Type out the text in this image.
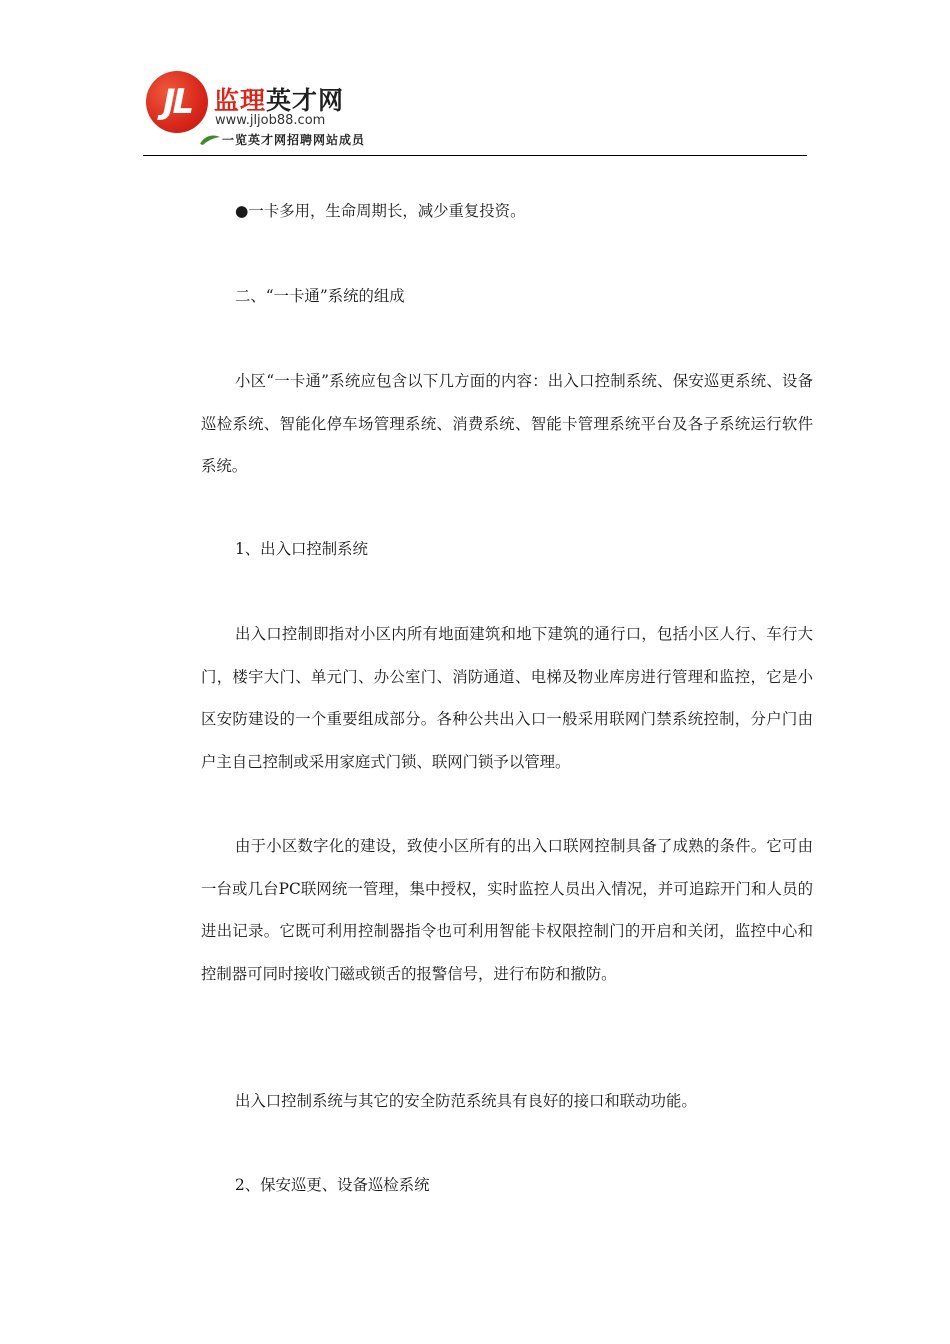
JL 监理英才网
www.jljob88.com
一览英才网招聘网站成员

●一卡多用，生命周期长，减少重复投资。

二、“一卡通”系统的组成

小区“一卡通”系统应包含以下几方面的内容：出入口控制系统、保安巡更系统、设备巡检系统、智能化停车场管理系统、消费系统、智能卡管理系统平台及各子系统运行软件系统。

1、出入口控制系统

出入口控制即指对小区内所有地面建筑和地下建筑的通行口，包括小区人行、车行大门，楼宇大门、单元门、办公室门、消防通道、电梯及物业库房进行管理和监控，它是小区安防建设的一个重要组成部分。各种公共出入口一般采用联网门禁系统控制，分户门由户主自己控制或采用家庭式门锁、联网门锁予以管理。

由于小区数字化的建设，致使小区所有的出入口联网控制具备了成熟的条件。它可由一台或几台PC联网统一管理，集中授权，实时监控人员出入情况，并可追踪开门和人员的进出记录。它既可利用控制器指令也可利用智能卡权限控制门的开启和关闭，监控中心和控制器可同时接收门磁或锁舌的报警信号，进行布防和撤防。

出入口控制系统与其它的安全防范系统具有良好的接口和联动功能。

2、保安巡更、设备巡检系统
